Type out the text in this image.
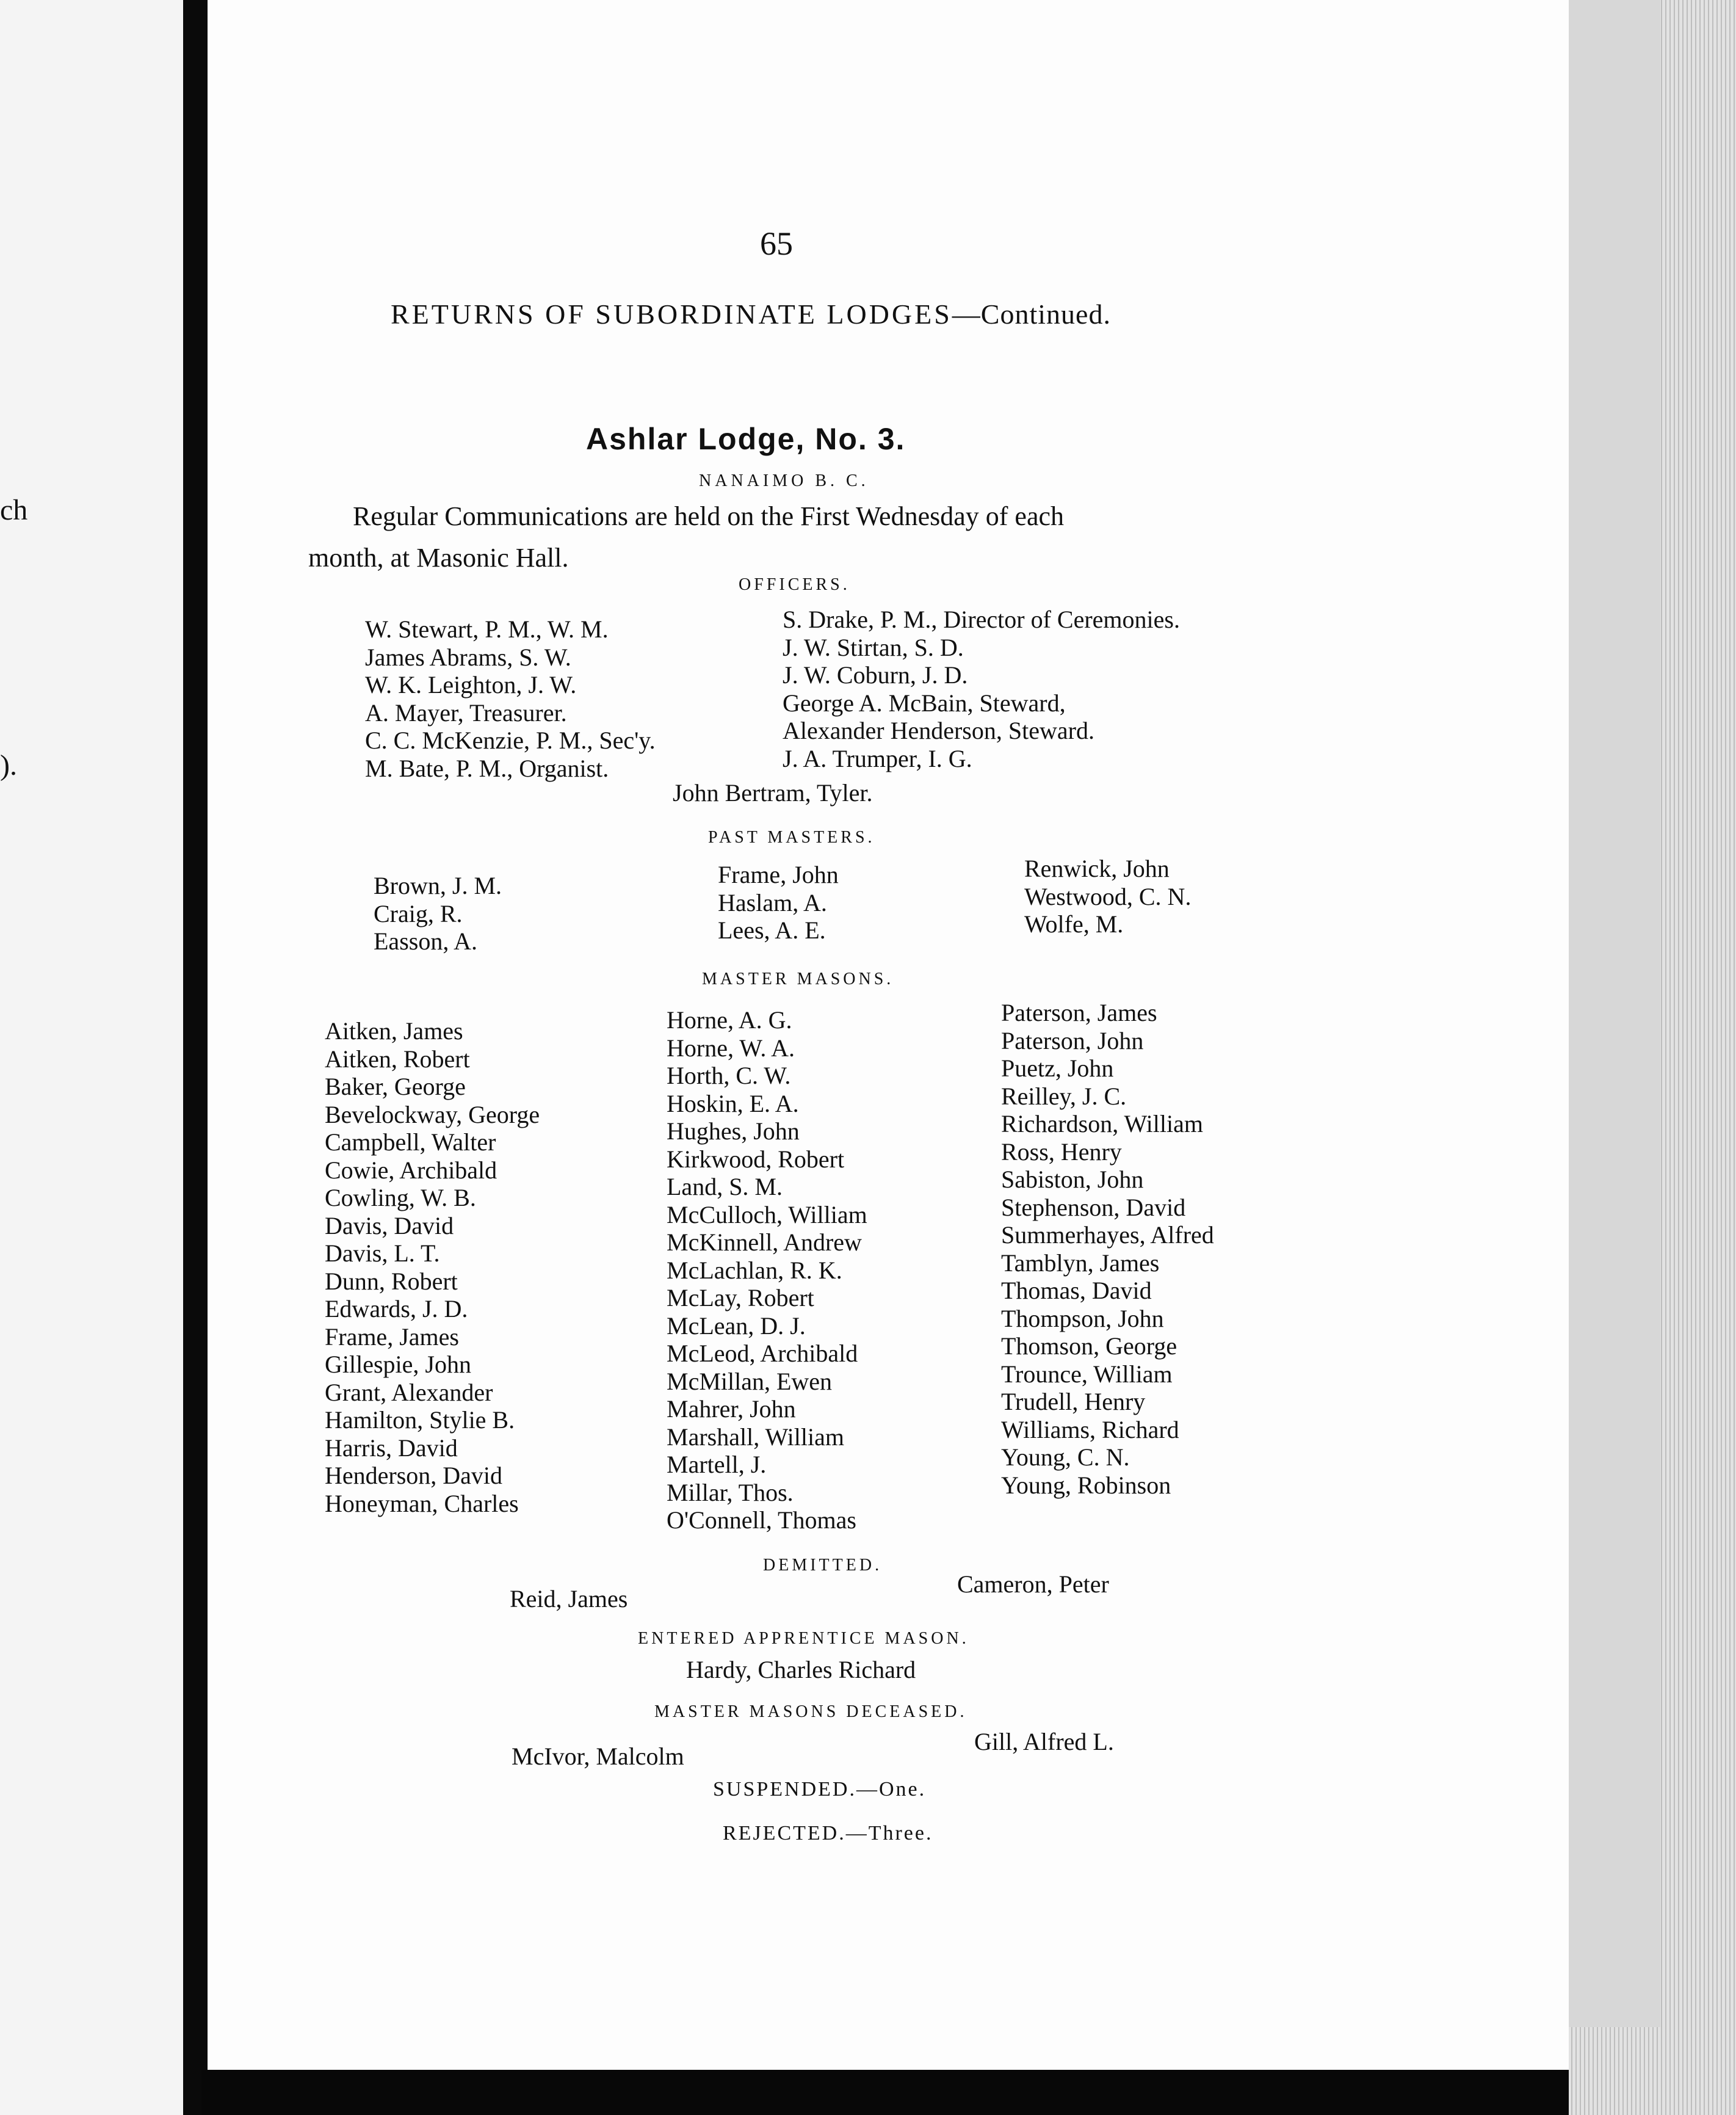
ch
).
65
RETURNS OF SUBORDINATE LODGES—Continued.
Ashlar Lodge, No. 3.
NANAIMO B. C.
Regular Communications are held on the First Wednesday of each
month, at Masonic Hall.
OFFICERS.
W. Stewart, P. M., W. M.
James Abrams, S. W.
W. K. Leighton, J. W.
A. Mayer, Treasurer.
C. C. McKenzie, P. M., Sec'y.
M. Bate, P. M., Organist.
S. Drake, P. M., Director of Ceremonies.
J. W. Stirtan, S. D.
J. W. Coburn, J. D.
George A. McBain, Steward,
Alexander Henderson, Steward.
J. A. Trumper, I. G.
John Bertram, Tyler.
PAST MASTERS.
Brown, J. M.
Craig, R.
Easson, A.
Frame, John
Haslam, A.
Lees, A. E.
Renwick, John
Westwood, C. N.
Wolfe, M.
MASTER MASONS.
Aitken, James
Aitken, Robert
Baker, George
Bevelockway, George
Campbell, Walter
Cowie, Archibald
Cowling, W. B.
Davis, David
Davis, L. T.
Dunn, Robert
Edwards, J. D.
Frame, James
Gillespie, John
Grant, Alexander
Hamilton, Stylie B.
Harris, David
Henderson, David
Honeyman, Charles
Horne, A. G.
Horne, W. A.
Horth, C. W.
Hoskin, E. A.
Hughes, John
Kirkwood, Robert
Land, S. M.
McCulloch, William
McKinnell, Andrew
McLachlan, R. K.
McLay, Robert
McLean, D. J.
McLeod, Archibald
McMillan, Ewen
Mahrer, John
Marshall, William
Martell, J.
Millar, Thos.
O'Connell, Thomas
Paterson, James
Paterson, John
Puetz, John
Reilley, J. C.
Richardson, William
Ross, Henry
Sabiston, John
Stephenson, David
Summerhayes, Alfred
Tamblyn, James
Thomas, David
Thompson, John
Thomson, George
Trounce, William
Trudell, Henry
Williams, Richard
Young, C. N.
Young, Robinson
DEMITTED.
Reid, James
Cameron, Peter
ENTERED APPRENTICE MASON.
Hardy, Charles Richard
MASTER MASONS DECEASED.
McIvor, Malcolm
Gill, Alfred L.
SUSPENDED.—One.
REJECTED.—Three.
